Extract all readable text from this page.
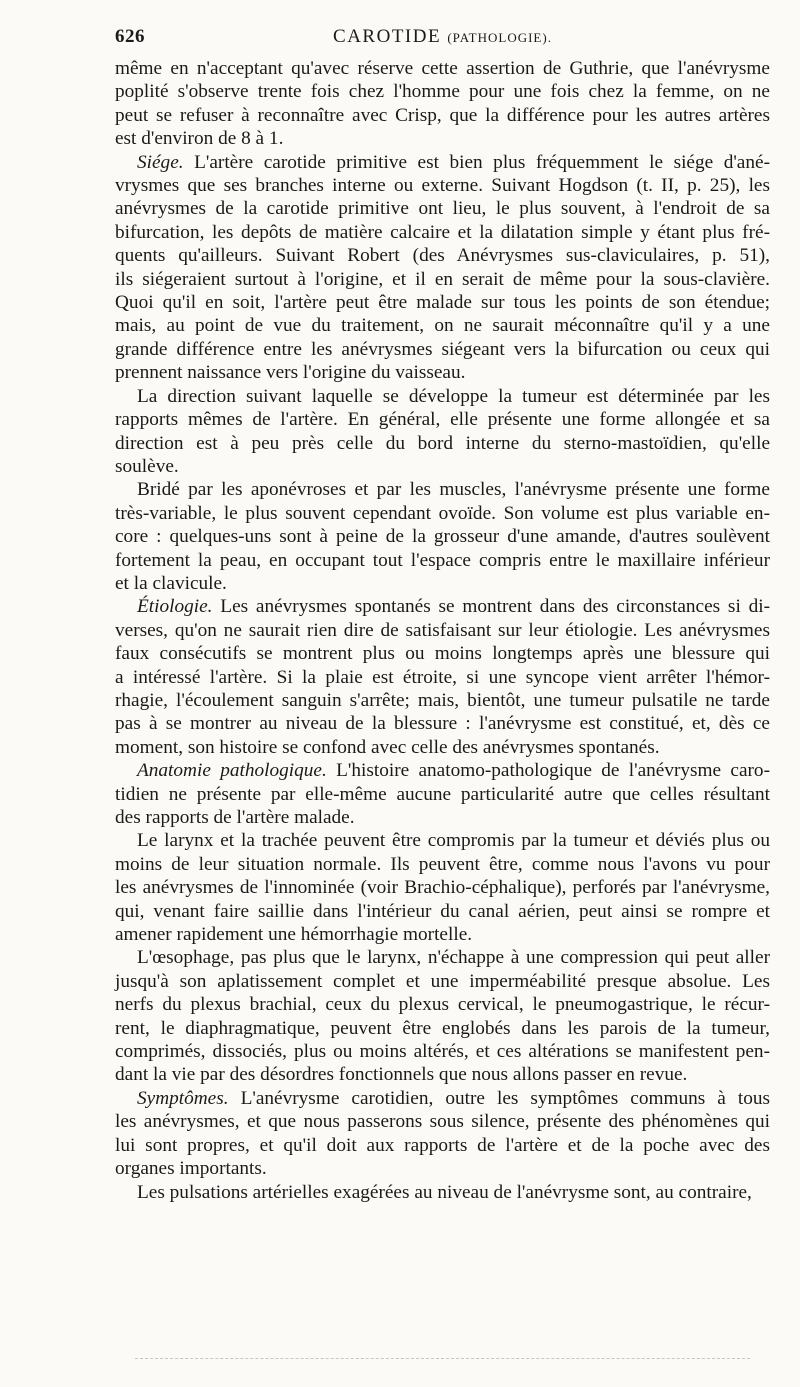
626	CAROTIDE (PATHOLOGIE).

même en n'acceptant qu'avec réserve cette assertion de Guthrie, que l'anévrysme
poplité s'observe trente fois chez l'homme pour une fois chez la femme, on ne
peut se refuser à reconnaître avec Crisp, que la différence pour les autres artères
est d'environ de 8 à 1.

Siége. L'artère carotide primitive est bien plus fréquemment le siége d'ané-
vrysmes que ses branches interne ou externe. Suivant Hogdson (t. II, p. 25), les
anévrysmes de la carotide primitive ont lieu, le plus souvent, à l'endroit de sa
bifurcation, les depôts de matière calcaire et la dilatation simple y étant plus fré-
quents qu'ailleurs. Suivant Robert (des Anévrysmes sus-claviculaires, p. 51),
ils siégeraient surtout à l'origine, et il en serait de même pour la sous-clavière.
Quoi qu'il en soit, l'artère peut être malade sur tous les points de son étendue;
mais, au point de vue du traitement, on ne saurait méconnaître qu'il y a une
grande différence entre les anévrysmes siégeant vers la bifurcation ou ceux qui
prennent naissance vers l'origine du vaisseau.

La direction suivant laquelle se développe la tumeur est déterminée par les
rapports mêmes de l'artère. En général, elle présente une forme allongée et sa
direction est à peu près celle du bord interne du sterno-mastoïdien, qu'elle
soulève.

Bridé par les aponévroses et par les muscles, l'anévrysme présente une forme
très-variable, le plus souvent cependant ovoïde. Son volume est plus variable en-
core : quelques-uns sont à peine de la grosseur d'une amande, d'autres soulèvent
fortement la peau, en occupant tout l'espace compris entre le maxillaire inférieur
et la clavicule.

Étiologie. Les anévrysmes spontanés se montrent dans des circonstances si di-
verses, qu'on ne saurait rien dire de satisfaisant sur leur étiologie. Les anévrysmes
faux consécutifs se montrent plus ou moins longtemps après une blessure qui
a intéressé l'artère. Si la plaie est étroite, si une syncope vient arrêter l'hémor-
rhagie, l'écoulement sanguin s'arrête; mais, bientôt, une tumeur pulsatile ne tarde
pas à se montrer au niveau de la blessure : l'anévrysme est constitué, et, dès ce
moment, son histoire se confond avec celle des anévrysmes spontanés.

Anatomie pathologique. L'histoire anatomo-pathologique de l'anévrysme caro-
tidien ne présente par elle-même aucune particularité autre que celles résultant
des rapports de l'artère malade.

Le larynx et la trachée peuvent être compromis par la tumeur et déviés plus ou
moins de leur situation normale. Ils peuvent être, comme nous l'avons vu pour
les anévrysmes de l'innominée (voir Brachio-céphalique), perforés par l'anévrysme,
qui, venant faire saillie dans l'intérieur du canal aérien, peut ainsi se rompre et
amener rapidement une hémorrhagie mortelle.

L'œsophage, pas plus que le larynx, n'échappe à une compression qui peut aller
jusqu'à son aplatissement complet et une imperméabilité presque absolue. Les
nerfs du plexus brachial, ceux du plexus cervical, le pneumogastrique, le récur-
rent, le diaphragmatique, peuvent être englobés dans les parois de la tumeur,
comprimés, dissociés, plus ou moins altérés, et ces altérations se manifestent pen-
dant la vie par des désordres fonctionnels que nous allons passer en revue.

Symptômes. L'anévrysme carotidien, outre les symptômes communs à tous
les anévrysmes, et que nous passerons sous silence, présente des phénomènes qui
lui sont propres, et qu'il doit aux rapports de l'artère et de la poche avec des
organes importants.

Les pulsations artérielles exagérées au niveau de l'anévrysme sont, au contraire,
